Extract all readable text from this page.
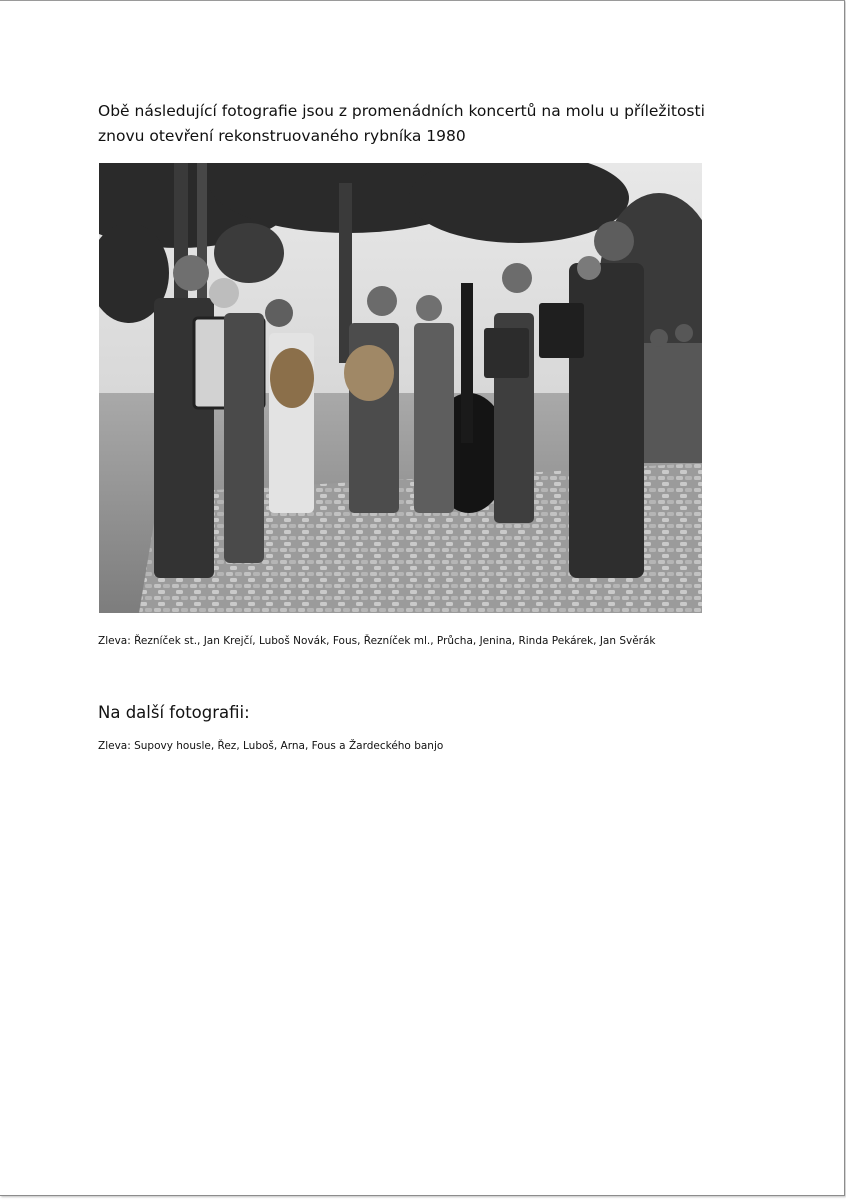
Obě následující fotografie jsou z promenádních koncertů na molu u příležitosti
znovu otevření rekonstruovaného rybníka 1980

Zleva: Řezníček st., Jan Krejčí, Luboš Novák, Fous, Řezníček ml., Průcha, Jenina, Rinda Pekárek, Jan Svěrák

Na další fotografii:

Zleva: Supovy housle, Řez, Luboš, Arna, Fous a Žardeckého banjo
